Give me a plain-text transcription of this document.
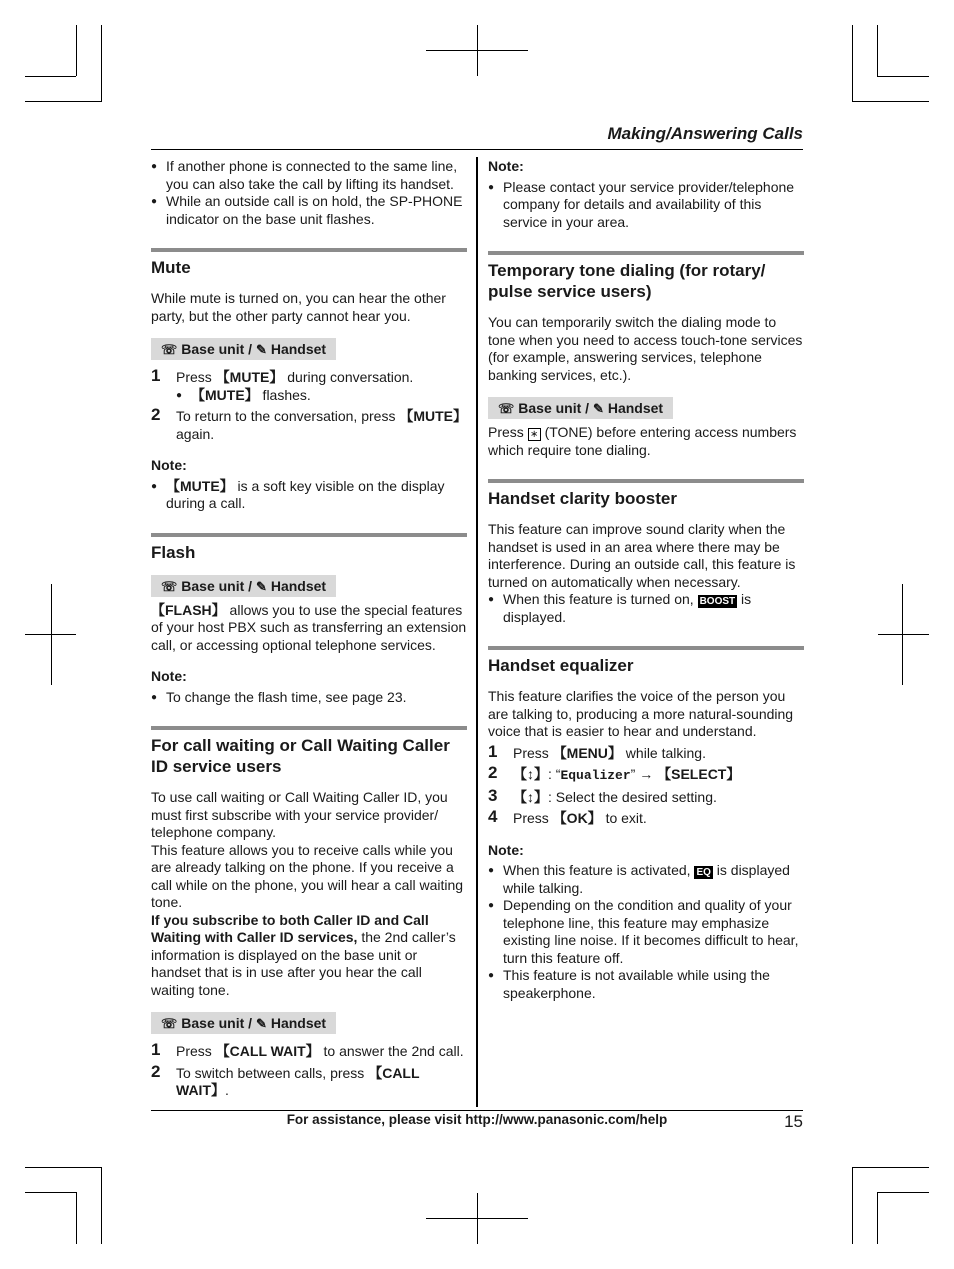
Making/Answering Calls

● If another phone is connected to the same line, you can also take the call by lifting its handset.

● While an outside call is on hold, the SP-PHONE indicator on the base unit flashes.

Mute

While mute is turned on, you can hear the other party, but the other party cannot hear you.

☏ Base unit / ✎ Handset
1 Press 【MUTE】 during conversation.
● 【MUTE】 flashes.
2 To return to the conversation, press 【MUTE】 again.

Note:

● 【MUTE】 is a soft key visible on the display during a call.

Flash
☏ Base unit / ✎ Handset

【FLASH】 allows you to use the special features of your host PBX such as transferring an extension call, or accessing optional telephone services.

Note:

● To change the flash time, see page 23.

For call waiting or Call Waiting Caller ID service users

To use call waiting or Call Waiting Caller ID, you must first subscribe with your service provider/ telephone company.

This feature allows you to receive calls while you are already talking on the phone. If you receive a call while on the phone, you will hear a call waiting tone.

If you subscribe to both Caller ID and Call Waiting with Caller ID services, the 2nd caller’s information is displayed on the base unit or handset that is in use after you hear the call waiting tone.

☏ Base unit / ✎ Handset
1 Press 【CALL WAIT】 to answer the 2nd call.
2 To switch between calls, press 【CALL WAIT】.

Note:

● Please contact your service provider/telephone company for details and availability of this service in your area.

Temporary tone dialing (for rotary/ pulse service users)

You can temporarily switch the dialing mode to tone when you need to access touch-tone services (for example, answering services, telephone banking services, etc.).

☏ Base unit / ✎ Handset

Press ∗ (TONE) before entering access numbers which require tone dialing.

Handset clarity booster

This feature can improve sound clarity when the handset is used in an area where there may be interference. During an outside call, this feature is turned on automatically when necessary.

● When this feature is turned on, BOOST is displayed.

Handset equalizer

This feature clarifies the voice of the person you are talking to, producing a more natural-sounding voice that is easier to hear and understand.

1 Press 【MENU】 while talking.
2 【↕】: “Equalizer” → 【SELECT】
3 【↕】: Select the desired setting.
4 Press 【OK】 to exit.

Note:

● When this feature is activated, EQ is displayed while talking.

● Depending on the condition and quality of your telephone line, this feature may emphasize existing line noise. If it becomes difficult to hear, turn this feature off.

● This feature is not available while using the speakerphone.

For assistance, please visit http://www.panasonic.com/help	15
